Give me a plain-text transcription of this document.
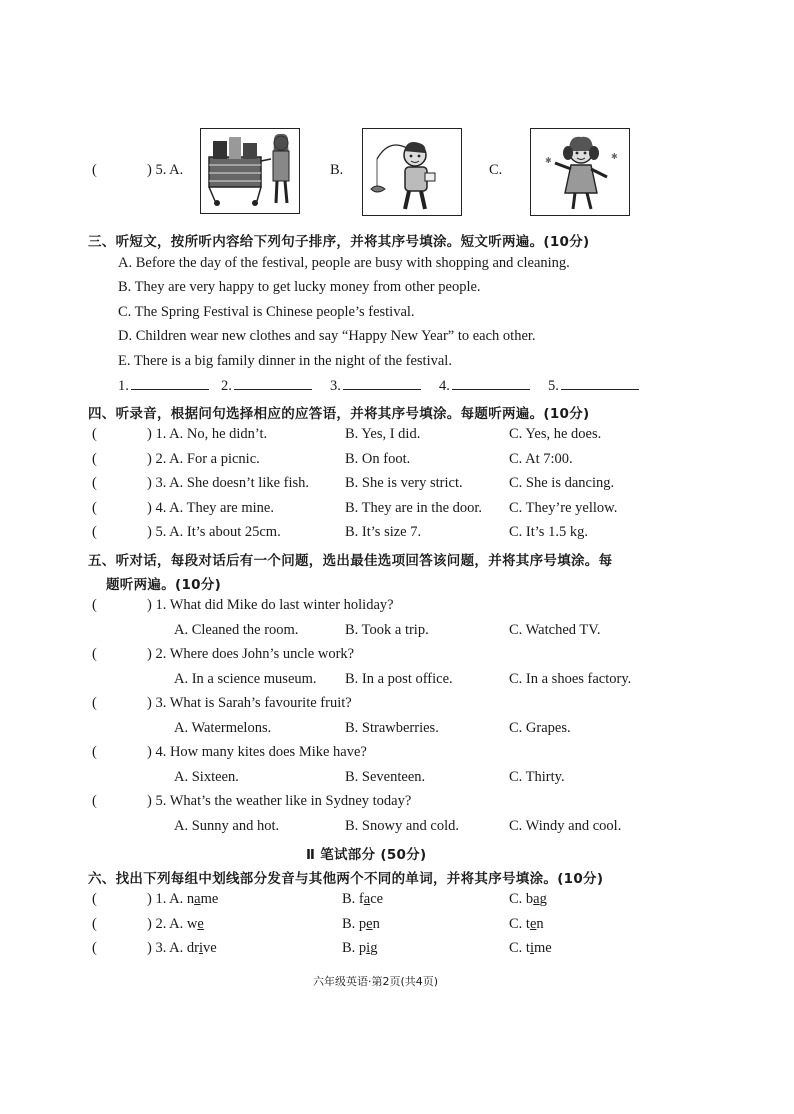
(	) 5. A.	B.	C.
✱	✱
三、听短文，按所听内容给下列句子排序，并将其序号填涂。短文听两遍。(10分)
A. Before the day of the festival, people are busy with shopping and cleaning.
B. They are very happy to get lucky money from other people.
C. The Spring Festival is Chinese people’s festival.
D. Children wear new clothes and say “Happy New Year” to each other.
E. There is a big family dinner in the night of the festival.
1.	2.	3.	4.	5.
四、听录音，根据问句选择相应的应答语，并将其序号填涂。每题听两遍。(10分)
(	) 1. A. No, he didn’t.	B. Yes, I did.	C. Yes, he does.
(	) 2. A. For a picnic.	B. On foot.	C. At 7:00.
(	) 3. A. She doesn’t like fish. B. She is very strict.	C. She is dancing.
(	) 4. A. They are mine.	B. They are in the door. C. They’re yellow.
(	) 5. A. It’s about 25cm.	B. It’s size 7.	C. It’s 1.5 kg.
五、听对话，每段对话后有一个问题，选出最佳选项回答该问题，并将其序号填涂。每
题听两遍。(10分)
(	) 1. What did Mike do last winter holiday?
A. Cleaned the room.	B. Took a trip.	C. Watched TV.
(	) 2. Where does John’s uncle work?
A. In a science museum. B. In a post office.	C. In a shoes factory.
(	) 3. What is Sarah’s favourite fruit?
A. Watermelons.	B. Strawberries.	C. Grapes.
(	) 4. How many kites does Mike have?
A. Sixteen.	B. Seventeen.	C. Thirty.
(	) 5. What’s the weather like in Sydney today?
A. Sunny and hot.	B. Snowy and cold.	C. Windy and cool.
Ⅱ 笔试部分 (50分)
六、找出下列每组中划线部分发音与其他两个不同的单词，并将其序号填涂。(10分)
(	) 1. A. name	B. face	C. bag
(	) 2. A. we	B. pen	C. ten
(	) 3. A. drive	B. pig	C. time
六年级英语·第2页(共4页)
